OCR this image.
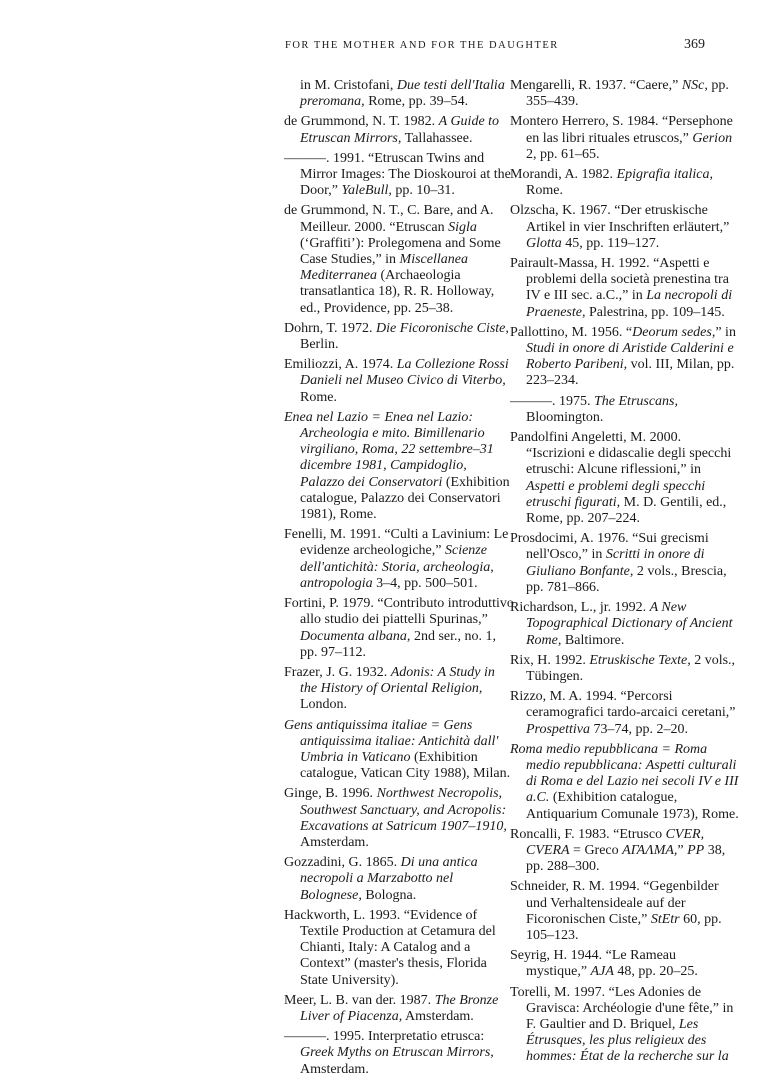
FOR THE MOTHER AND FOR THE DAUGHTER	369

in M. Cristofani, Due testi dell'Italia preromana, Rome, pp. 39–54.

de Grummond, N. T. 1982. A Guide to Etruscan Mirrors, Tallahassee.

———. 1991. “Etruscan Twins and Mirror Images: The Dioskouroi at the Door,” YaleBull, pp. 10–31.

de Grummond, N. T., C. Bare, and A. Meilleur. 2000. “Etruscan Sigla (‘Graffiti’): Prolegomena and Some Case Studies,” in Miscellanea Mediterranea (Archaeologia transatlantica 18), R. R. Holloway, ed., Providence, pp. 25–38.

Dohrn, T. 1972. Die Ficoronische Ciste, Berlin.

Emiliozzi, A. 1974. La Collezione Rossi Danieli nel Museo Civico di Viterbo, Rome.

Enea nel Lazio = Enea nel Lazio: Archeologia e mito. Bimillenario virgiliano, Roma, 22 settembre–31 dicembre 1981, Campidoglio, Palazzo dei Conservatori (Exhibition catalogue, Palazzo dei Conservatori 1981), Rome.

Fenelli, M. 1991. “Culti a Lavinium: Le evidenze archeologiche,” Scienze dell'antichità: Storia, archeologia, antropologia 3–4, pp. 500–501.

Fortini, P. 1979. “Contributo introduttivo allo studio dei piattelli Spurinas,” Documenta albana, 2nd ser., no. 1, pp. 97–112.

Frazer, J. G. 1932. Adonis: A Study in the History of Oriental Religion, London.

Gens antiquissima italiae = Gens antiquissima italiae: Antichità dall' Umbria in Vaticano (Exhibition catalogue, Vatican City 1988), Milan.

Ginge, B. 1996. Northwest Necropolis, Southwest Sanctuary, and Acropolis: Excavations at Satricum 1907–1910, Amsterdam.

Gozzadini, G. 1865. Di una antica necropoli a Marzabotto nel Bolognese, Bologna.

Hackworth, L. 1993. “Evidence of Textile Production at Cetamura del Chianti, Italy: A Catalog and a Context” (master's thesis, Florida State University).

Meer, L. B. van der. 1987. The Bronze Liver of Piacenza, Amsterdam.

———. 1995. Interpretatio etrusca: Greek Myths on Etruscan Mirrors, Amsterdam.

Mengarelli, R. 1937. “Caere,” NSc, pp. 355–439.

Montero Herrero, S. 1984. “Persephone en las libri rituales etruscos,” Gerion 2, pp. 61–65.

Morandi, A. 1982. Epigrafia italica, Rome.

Olzscha, K. 1967. “Der etruskische Artikel in vier Inschriften erläutert,” Glotta 45, pp. 119–127.

Pairault-Massa, H. 1992. “Aspetti e problemi della società prenestina tra IV e III sec. a.C.,” in La necropoli di Praeneste, Palestrina, pp. 109–145.

Pallottino, M. 1956. “Deorum sedes,” in Studi in onore di Aristide Calderini e Roberto Paribeni, vol. III, Milan, pp. 223–234.

———. 1975. The Etruscans, Bloomington.

Pandolfini Angeletti, M. 2000. “Iscrizioni e didascalie degli specchi etruschi: Alcune riflessioni,” in Aspetti e problemi degli specchi etruschi figurati, M. D. Gentili, ed., Rome, pp. 207–224.

Prosdocimi, A. 1976. “Sui grecismi nell'Osco,” in Scritti in onore di Giuliano Bonfante, 2 vols., Brescia, pp. 781–866.

Richardson, L., jr. 1992. A New Topographical Dictionary of Ancient Rome, Baltimore.

Rix, H. 1992. Etruskische Texte, 2 vols., Tübingen.

Rizzo, M. A. 1994. “Percorsi ceramografici tardo-arcaici ceretani,” Prospettiva 73–74, pp. 2–20.

Roma medio repubblicana = Roma medio repubblicana: Aspetti culturali di Roma e del Lazio nei secoli IV e III a.C. (Exhibition catalogue, Antiquarium Comunale 1973), Rome.

Roncalli, F. 1983. “Etrusco CVER, CVERA = Greco ΑΓΑΛΜΑ,” PP 38, pp. 288–300.

Schneider, R. M. 1994. “Gegenbilder und Verhaltensideale auf der Ficoronischen Ciste,” StEtr 60, pp. 105–123.

Seyrig, H. 1944. “Le Rameau mystique,” AJA 48, pp. 20–25.

Torelli, M. 1997. “Les Adonies de Gravisca: Archéologie d'une fête,” in F. Gaultier and D. Briquel, Les Étrusques, les plus religieux des hommes: État de la recherche sur la
